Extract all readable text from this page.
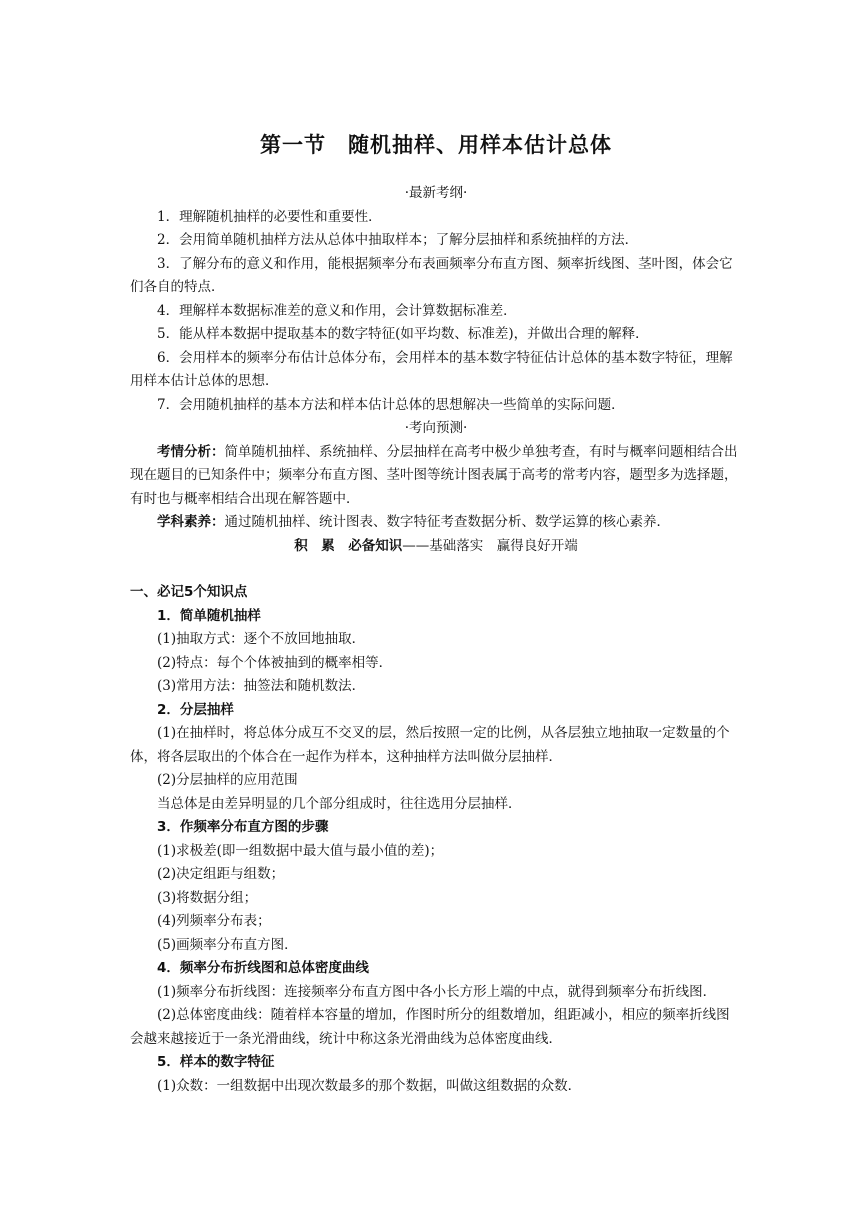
第一节　随机抽样、用样本估计总体
·最新考纲·

1．理解随机抽样的必要性和重要性．

2．会用简单随机抽样方法从总体中抽取样本；了解分层抽样和系统抽样的方法．

3．了解分布的意义和作用，能根据频率分布表画频率分布直方图、频率折线图、茎叶图，体会它们各自的特点．

4．理解样本数据标准差的意义和作用，会计算数据标准差．

5．能从样本数据中提取基本的数字特征(如平均数、标准差)，并做出合理的解释．

6．会用样本的频率分布估计总体分布，会用样本的基本数字特征估计总体的基本数字特征，理解用样本估计总体的思想．

7．会用随机抽样的基本方法和样本估计总体的思想解决一些简单的实际问题．

·考向预测·

考情分析：简单随机抽样、系统抽样、分层抽样在高考中极少单独考查，有时与概率问题相结合出现在题目的已知条件中；频率分布直方图、茎叶图等统计图表属于高考的常考内容，题型多为选择题，有时也与概率相结合出现在解答题中．

学科素养：通过随机抽样、统计图表、数字特征考查数据分析、数学运算的核心素养．

积　累　必备知识——基础落实　赢得良好开端

一、必记5个知识点

1．简单随机抽样

(1)抽取方式：逐个不放回地抽取．

(2)特点：每个个体被抽到的概率相等．

(3)常用方法：抽签法和随机数法．

2．分层抽样

(1)在抽样时，将总体分成互不交叉的层，然后按照一定的比例，从各层独立地抽取一定数量的个体，将各层取出的个体合在一起作为样本，这种抽样方法叫做分层抽样．

(2)分层抽样的应用范围

当总体是由差异明显的几个部分组成时，往往选用分层抽样．

3．作频率分布直方图的步骤

(1)求极差(即一组数据中最大值与最小值的差)；

(2)决定组距与组数；

(3)将数据分组；

(4)列频率分布表；

(5)画频率分布直方图．

4．频率分布折线图和总体密度曲线

(1)频率分布折线图：连接频率分布直方图中各小长方形上端的中点，就得到频率分布折线图．

(2)总体密度曲线：随着样本容量的增加，作图时所分的组数增加，组距减小，相应的频率折线图会越来越接近于一条光滑曲线，统计中称这条光滑曲线为总体密度曲线．

5．样本的数字特征

(1)众数：一组数据中出现次数最多的那个数据，叫做这组数据的众数．
